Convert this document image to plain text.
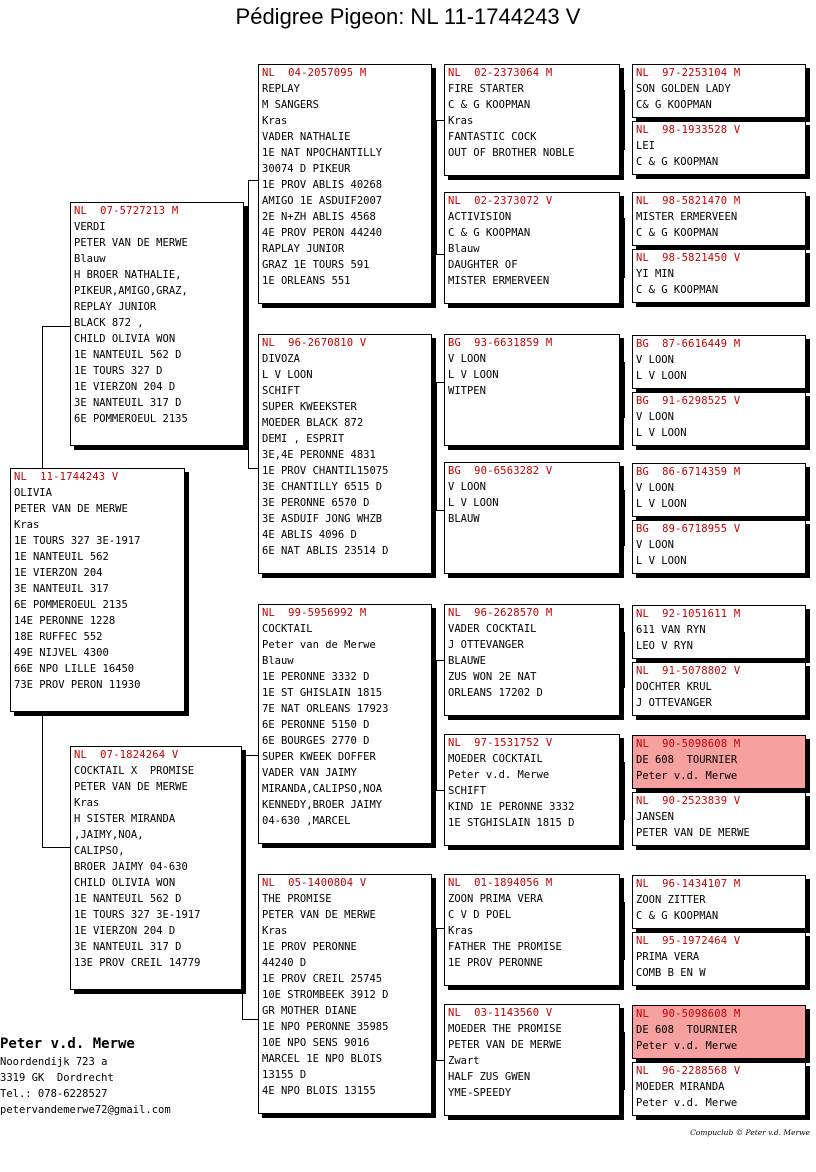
Pédigree Pigeon: NL 11-1744243 V
NL  11-1744243 V
OLIVIA
PETER VAN DE MERWE
Kras
1E TOURS 327 3E-1917
1E NANTEUIL 562
1E VIERZON 204
3E NANTEUIL 317
6E POMMEROEUL 2135
14E PERONNE 1228
18E RUFFEC 552
49E NIJVEL 4300
66E NPO LILLE 16450
73E PROV PERON 11930
NL  07-5727213 M
VERDI
PETER VAN DE MERWE
Blauw
H BROER NATHALIE,
PIKEUR,AMIGO,GRAZ,
REPLAY JUNIOR
BLACK 872 ,
CHILD OLIVIA WON
1E NANTEUIL 562 D
1E TOURS 327 D
1E VIERZON 204 D
3E NANTEUIL 317 D
6E POMMEROEUL 2135
NL  07-1824264 V
COCKTAIL X  PROMISE
PETER VAN DE MERWE
Kras
H SISTER MIRANDA
,JAIMY,NOA,
CALIPSO,
BROER JAIMY 04-630
CHILD OLIVIA WON
1E NANTEUIL 562 D
1E TOURS 327 3E-1917
1E VIERZON 204 D
3E NANTEUIL 317 D
13E PROV CREIL 14779
NL  04-2057095 M
REPLAY
M SANGERS
Kras
VADER NATHALIE
1E NAT NPOCHANTILLY
30074 D PIKEUR
1E PROV ABLIS 40268
AMIGO 1E ASDUIF2007
2E N+ZH ABLIS 4568
4E PROV PERON 44240
RAPLAY JUNIOR
GRAZ 1E TOURS 591
1E ORLEANS 551
NL  96-2670810 V
DIVOZA
L V LOON
SCHIFT
SUPER KWEEKSTER
MOEDER BLACK 872
DEMI , ESPRIT
3E,4E PERONNE 4831
1E PROV CHANTIL15075
3E CHANTILLY 6515 D
3E PERONNE 6570 D
3E ASDUIF JONG WHZB
4E ABLIS 4096 D
6E NAT ABLIS 23514 D
NL  99-5956992 M
COCKTAIL
Peter van de Merwe
Blauw
1E PERONNE 3332 D
1E ST GHISLAIN 1815
7E NAT ORLEANS 17923
6E PERONNE 5150 D
6E BOURGES 2770 D
SUPER KWEEK DOFFER
VADER VAN JAIMY
MIRANDA,CALIPSO,NOA
KENNEDY,BROER JAIMY
04-630 ,MARCEL
NL  05-1400804 V
THE PROMISE
PETER VAN DE MERWE
Kras
1E PROV PERONNE
44240 D
1E PROV CREIL 25745
10E STROMBEEK 3912 D
GR MOTHER DIANE
1E NPO PERONNE 35985
10E NPO SENS 9016
MARCEL 1E NPO BLOIS
13155 D
4E NPO BLOIS 13155
NL  02-2373064 M
FIRE STARTER
C & G KOOPMAN
Kras
FANTASTIC COCK
OUT OF BROTHER NOBLE
NL  02-2373072 V
ACTIVISION
C & G KOOPMAN
Blauw
DAUGHTER OF
MISTER ERMERVEEN
BG  93-6631859 M
V LOON
L V LOON
WITPEN
BG  90-6563282 V
V LOON
L V LOON
BLAUW
NL  96-2628570 M
VADER COCKTAIL
J OTTEVANGER
BLAUWE
ZUS WON 2E NAT
ORLEANS 17202 D
NL  97-1531752 V
MOEDER COCKTAIL
Peter v.d. Merwe
SCHIFT
KIND 1E PERONNE 3332
1E STGHISLAIN 1815 D
NL  01-1894056 M
ZOON PRIMA VERA
C V D POEL
Kras
FATHER THE PROMISE
1E PROV PERONNE
NL  03-1143560 V
MOEDER THE PROMISE
PETER VAN DE MERWE
Zwart
HALF ZUS GWEN
YME-SPEEDY
NL  97-2253104 M
SON GOLDEN LADY
C& G KOOPMAN
NL  98-1933528 V
LEI
C & G KOOPMAN
NL  98-5821470 M
MISTER ERMERVEEN
C & G KOOPMAN
NL  98-5821450 V
YI MIN
C & G KOOPMAN
BG  87-6616449 M
V LOON
L V LOON
BG  91-6298525 V
V LOON
L V LOON
BG  86-6714359 M
V LOON
L V LOON
BG  89-6718955 V
V LOON
L V LOON
NL  92-1051611 M
611 VAN RYN
LEO V RYN
NL  91-5078802 V
DOCHTER KRUL
J OTTEVANGER
NL  90-5098608 M
DE 608  TOURNIER
Peter v.d. Merwe
NL  90-2523839 V
JANSEN
PETER VAN DE MERWE
NL  96-1434107 M
ZOON ZITTER
C & G KOOPMAN
NL  95-1972464 V
PRIMA VERA
COMB B EN W
NL  90-5098608 M
DE 608  TOURNIER
Peter v.d. Merwe
NL  96-2288568 V
MOEDER MIRANDA
Peter v.d. Merwe
Peter v.d. Merwe
Noordendijk 723 a
3319 GK  Dordrecht
Tel.: 078-6228527
petervandemerwe72@gmail.com
Compuclub © Peter v.d. Merwe
